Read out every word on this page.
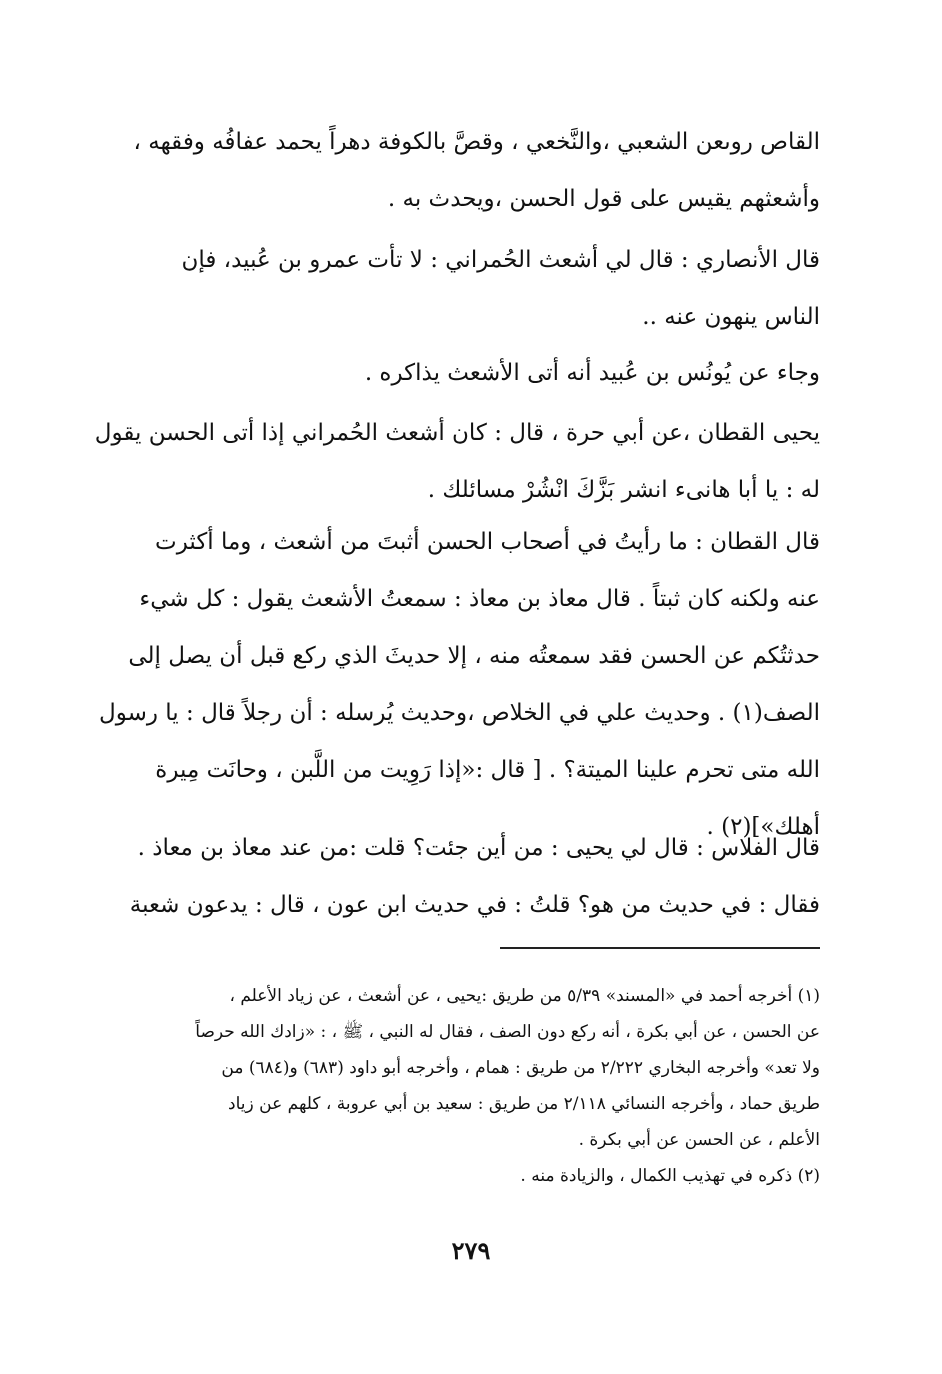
القاص روىعن الشعبي ،والنَّخعي ، وقصَّ بالكوفة دهراً يحمد عفافُه وفقهه ،
وأشعثهم يقيس على قول الحسن ،ويحدث به .
قال الأنصاري : قال لي أشعث الحُمراني : لا تأت عمرو بن عُبيد، فإن
الناس ينهون عنه ..
وجاء عن يُونُس بن عُبيد أنه أتى الأشعث يذاكره .
يحيى القطان ،عن أبي حرة ، قال : كان أشعث الحُمراني إذا أتى الحسن يقول
له : يا أبا هانىء انشر بَزَّكَ انْشُرْ مسائلك .
قال القطان : ما رأيتُ في أصحاب الحسن أثبتَ من أشعث ، وما أكثرت
عنه ولكنه كان ثبتاً . قال معاذ بن معاذ : سمعتُ الأشعث يقول : كل شيء
حدثتُكم عن الحسن فقد سمعتُه منه ، إلا حديثَ الذي ركع قبل أن يصل إلى
الصف(١) . وحديث علي في الخلاص ،وحديث يُرسله : أن رجلاً قال : يا رسول
الله متى تحرم علينا الميتة؟ . [ قال :«إذا رَوِيت من اللَّبن ، وحانَت مِيرة
أهلك»](٢) .
قال الفلاس : قال لي يحيى : من أين جئت؟ قلت :من عند معاذ بن معاذ .
فقال : في حديث من هو؟ قلتُ : في حديث ابن عون ، قال : يدعون شعبة
(١) أخرجه أحمد في «المسند» ٥/٣٩ من طريق :يحيى ، عن أشعث ، عن زياد الأعلم ،
عن الحسن ، عن أبي بكرة ، أنه ركع دون الصف ، فقال له النبي ، ﷺ ، : «زادك الله حرصاً
ولا تعد» وأخرجه البخاري ٢/٢٢٢ من طريق : همام ، وأخرجه أبو داود (٦٨٣) و(٦٨٤) من
طريق حماد ، وأخرجه النسائي ٢/١١٨ من طريق : سعيد بن أبي عروبة ، كلهم عن زياد
الأعلم ، عن الحسن عن أبي بكرة .
(٢) ذكره في تهذيب الكمال ، والزيادة منه .
٢٧٩
